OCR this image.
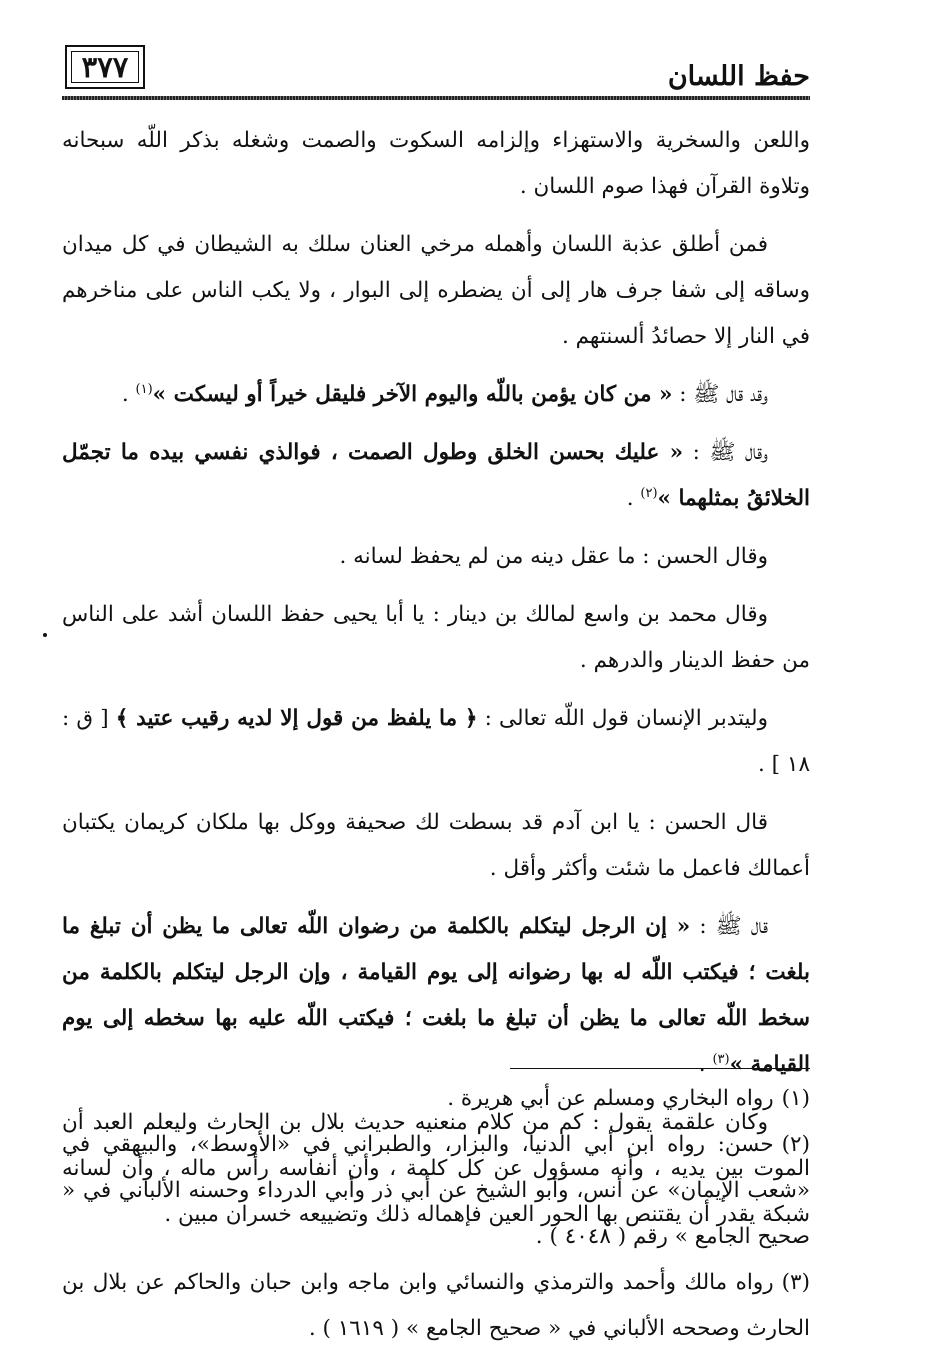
حفظ اللسان
٣٧٧

واللعن والسخرية والاستهزاء وإلزامه السكوت والصمت وشغله بذكر اللّه سبحانه وتلاوة القرآن فهذا صوم اللسان .

فمن أطلق عذبة اللسان وأهمله مرخي العنان سلك به الشيطان في كل ميدان وساقه إلى شفا جرف هار إلى أن يضطره إلى البوار ، ولا يكب الناس على مناخرهم في النار إلا حصائدُ ألسنتهم .

وقد قال ﷺ : « من كان يؤمن باللّه واليوم الآخر فليقل خيراً أو ليسكت »$^{(١)}$ .

وقال ﷺ : « عليك بحسن الخلق وطول الصمت ، فوالذي نفسي بيده ما تجمّل الخلائقُ بمثلهما »$^{(٢)}$ .

وقال الحسن : ما عقل دينه من لم يحفظ لسانه .

وقال محمد بن واسع لمالك بن دينار : يا أبا يحيى حفظ اللسان أشد على الناس من حفظ الدينار والدرهم .

وليتدبر الإنسان قول اللّه تعالى : ﴿ ما يلفظ من قول إلا لديه رقيب عتيد ﴾ [ ق : ١٨ ] .

قال الحسن : يا ابن آدم قد بسطت لك صحيفة ووكل بها ملكان كريمان يكتبان أعمالك فاعمل ما شئت وأكثر وأقل .

قال ﷺ : « إن الرجل ليتكلم بالكلمة من رضوان اللّه تعالى ما يظن أن تبلغ ما بلغت ؛ فيكتب اللّه له بها رضوانه إلى يوم القيامة ، وإن الرجل ليتكلم بالكلمة من سخط اللّه تعالى ما يظن أن تبلغ ما بلغت ؛ فيكتب اللّه عليه بها سخطه إلى يوم القيامة »$^{(٣)}$ .

وكان علقمة يقول : كم من كلام منعنيه حديث بلال بن الحارث وليعلم العبد أن الموت بين يديه ، وأنه مسؤول عن كل كلمة ، وأن أنفاسه رأس ماله ، وأن لسانه شبكة يقدر أن يقتنص بها الحور العين فإهماله ذلك وتضييعه خسران مبين .

(١)رواه البخاري ومسلم عن أبي هريرة .

(٢)حسن: رواه ابن أبي الدنيا، والبزار، والطبراني في «الأوسط»، والبيهقي في «شعب الإيمان» عن أنس، وأبو الشيخ عن أبي ذر وأبي الدرداء وحسنه الألباني في « صحيح الجامع » رقم ( ٤٠٤٨ ) .

(٣)رواه مالك وأحمد والترمذي والنسائي وابن ماجه وابن حبان والحاكم عن بلال بن الحارث وصححه الألباني في « صحيح الجامع » ( ١٦١٩ ) .
